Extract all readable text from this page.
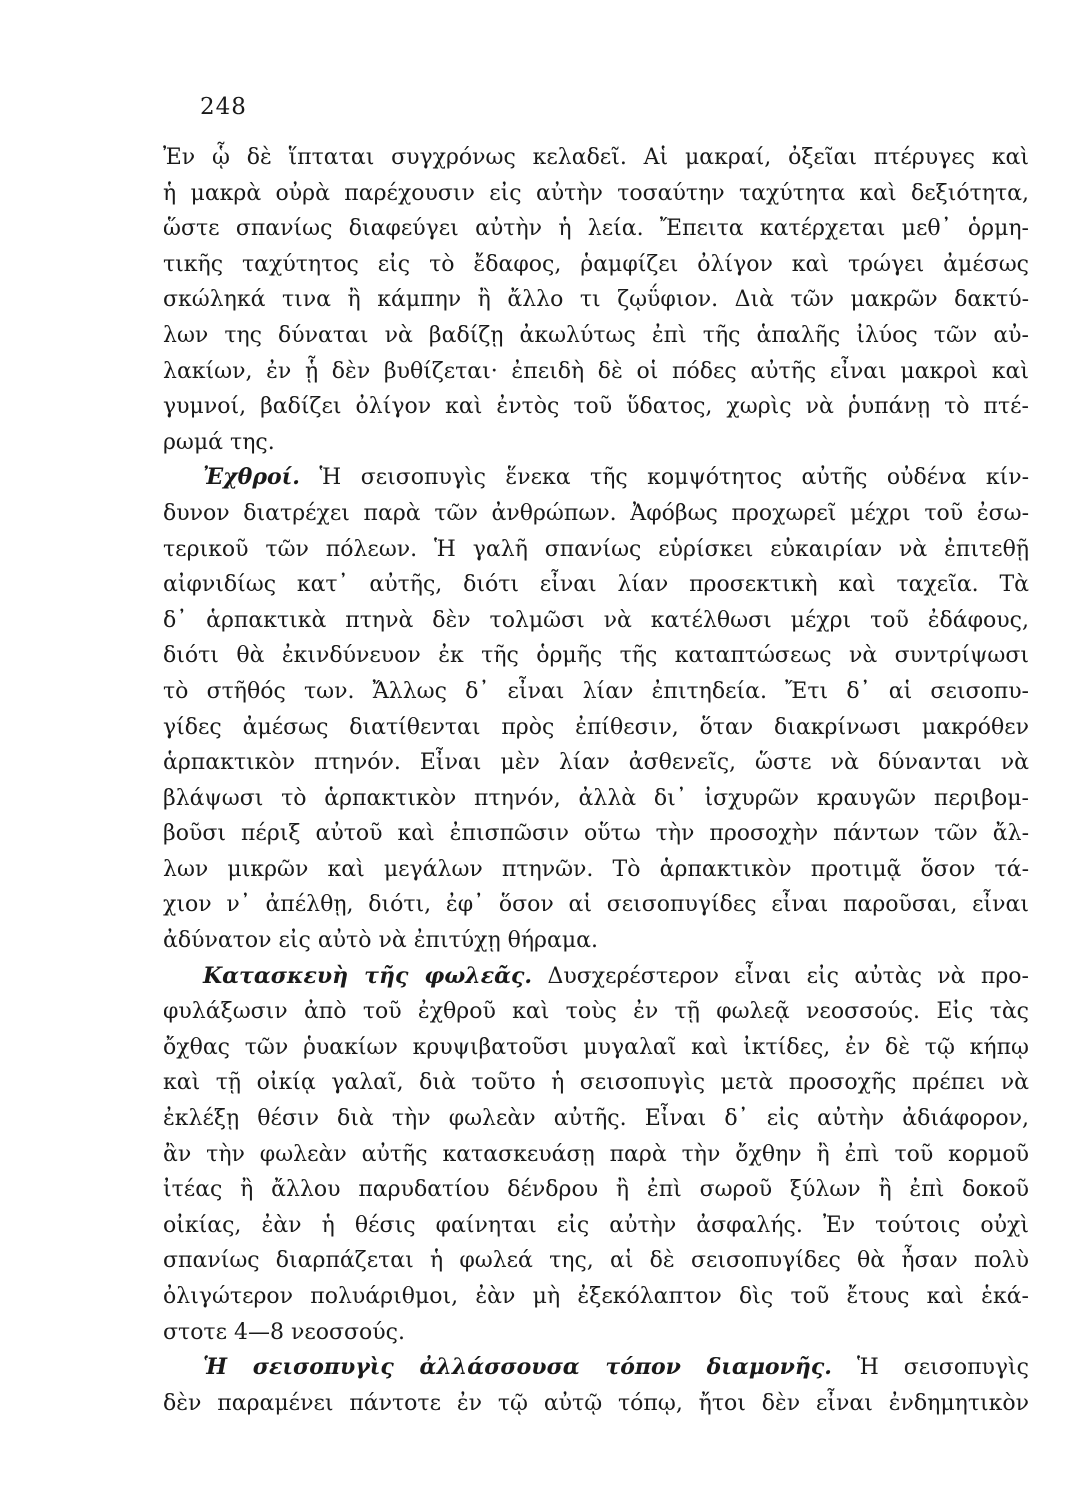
248
Ἐν ᾧ δὲ ἵπταται συγχρόνως κελαδεῖ. Αἱ μακραί, ὀξεῖαι πτέρυγες καὶ
ἡ μακρὰ οὐρὰ παρέχουσιν εἰς αὐτὴν τοσαύτην ταχύτητα καὶ δεξιότητα,
ὥστε σπανίως διαφεύγει αὐτὴν ἡ λεία. Ἔπειτα κατέρχεται μεθ᾽ ὁρμη-
τικῆς ταχύτητος εἰς τὸ ἔδαφος, ῥαμφίζει ὀλίγον καὶ τρώγει ἀμέσως
σκώληκά τινα ἢ κάμπην ἢ ἄλλο τι ζῳΰφιον. Διὰ τῶν μακρῶν δακτύ-
λων της δύναται νὰ βαδίζῃ ἀκωλύτως ἐπὶ τῆς ἁπαλῆς ἰλύος τῶν αὐ-
λακίων, ἐν ᾗ δὲν βυθίζεται· ἐπειδὴ δὲ οἱ πόδες αὐτῆς εἶναι μακροὶ καὶ
γυμνοί, βαδίζει ὀλίγον καὶ ἐντὸς τοῦ ὕδατος, χωρὶς νὰ ῥυπάνῃ τὸ πτέ-
ρωμά της.
Ἐχθροί. Ἡ σεισοπυγὶς ἕνεκα τῆς κομψότητος αὐτῆς οὐδένα κίν-
δυνον διατρέχει παρὰ τῶν ἀνθρώπων. Ἀφόβως προχωρεῖ μέχρι τοῦ ἐσω-
τερικοῦ τῶν πόλεων. Ἡ γαλῆ σπανίως εὑρίσκει εὐκαιρίαν νὰ ἐπιτεθῇ
αἰφνιδίως κατ᾽ αὐτῆς, διότι εἶναι λίαν προσεκτικὴ καὶ ταχεῖα. Τὰ
δ᾽ ἁρπακτικὰ πτηνὰ δὲν τολμῶσι νὰ κατέλθωσι μέχρι τοῦ ἐδάφους,
διότι θὰ ἐκινδύνευον ἐκ τῆς ὁρμῆς τῆς καταπτώσεως νὰ συντρίψωσι
τὸ στῆθός των. Ἄλλως δ᾽ εἶναι λίαν ἐπιτηδεία. Ἔτι δ᾽ αἱ σεισοπυ-
γίδες ἀμέσως διατίθενται πρὸς ἐπίθεσιν, ὅταν διακρίνωσι μακρόθεν
ἁρπακτικὸν πτηνόν. Εἶναι μὲν λίαν ἀσθενεῖς, ὥστε νὰ δύνανται νὰ
βλάψωσι τὸ ἁρπακτικὸν πτηνόν, ἀλλὰ δι᾽ ἰσχυρῶν κραυγῶν περιβομ-
βοῦσι πέριξ αὐτοῦ καὶ ἐπισπῶσιν οὕτω τὴν προσοχὴν πάντων τῶν ἄλ-
λων μικρῶν καὶ μεγάλων πτηνῶν. Τὸ ἁρπακτικὸν προτιμᾷ ὅσον τά-
χιον ν᾽ ἀπέλθῃ, διότι, ἐφ᾽ ὅσον αἱ σεισοπυγίδες εἶναι παροῦσαι, εἶναι
ἀδύνατον εἰς αὐτὸ νὰ ἐπιτύχῃ θήραμα.
Κατασκευὴ τῆς φωλεᾶς. Δυσχερέστερον εἶναι εἰς αὐτὰς νὰ προ-
φυλάξωσιν ἀπὸ τοῦ ἐχθροῦ καὶ τοὺς ἐν τῇ φωλεᾷ νεοσσούς. Εἰς τὰς
ὄχθας τῶν ῥυακίων κρυψιβατοῦσι μυγαλαῖ καὶ ἰκτίδες, ἐν δὲ τῷ κήπῳ
καὶ τῇ οἰκίᾳ γαλαῖ, διὰ τοῦτο ἡ σεισοπυγὶς μετὰ προσοχῆς πρέπει νὰ
ἐκλέξῃ θέσιν διὰ τὴν φωλεὰν αὐτῆς. Εἶναι δ᾽ εἰς αὐτὴν ἀδιάφορον,
ἂν τὴν φωλεὰν αὐτῆς κατασκευάσῃ παρὰ τὴν ὄχθην ἢ ἐπὶ τοῦ κορμοῦ
ἰτέας ἢ ἄλλου παρυδατίου δένδρου ἢ ἐπὶ σωροῦ ξύλων ἢ ἐπὶ δοκοῦ
οἰκίας, ἐὰν ἡ θέσις φαίνηται εἰς αὐτὴν ἀσφαλής. Ἐν τούτοις οὐχὶ
σπανίως διαρπάζεται ἡ φωλεά της, αἱ δὲ σεισοπυγίδες θὰ ἦσαν πολὺ
ὀλιγώτερον πολυάριθμοι, ἐὰν μὴ ἐξεκόλαπτον δὶς τοῦ ἔτους καὶ ἑκά-
στοτε 4—8 νεοσσούς.
Ἡ σεισοπυγὶς ἀλλάσσουσα τόπον διαμονῆς. Ἡ σεισοπυγὶς
δὲν παραμένει πάντοτε ἐν τῷ αὐτῷ τόπῳ, ἤτοι δὲν εἶναι ἐνδημητικὸν
